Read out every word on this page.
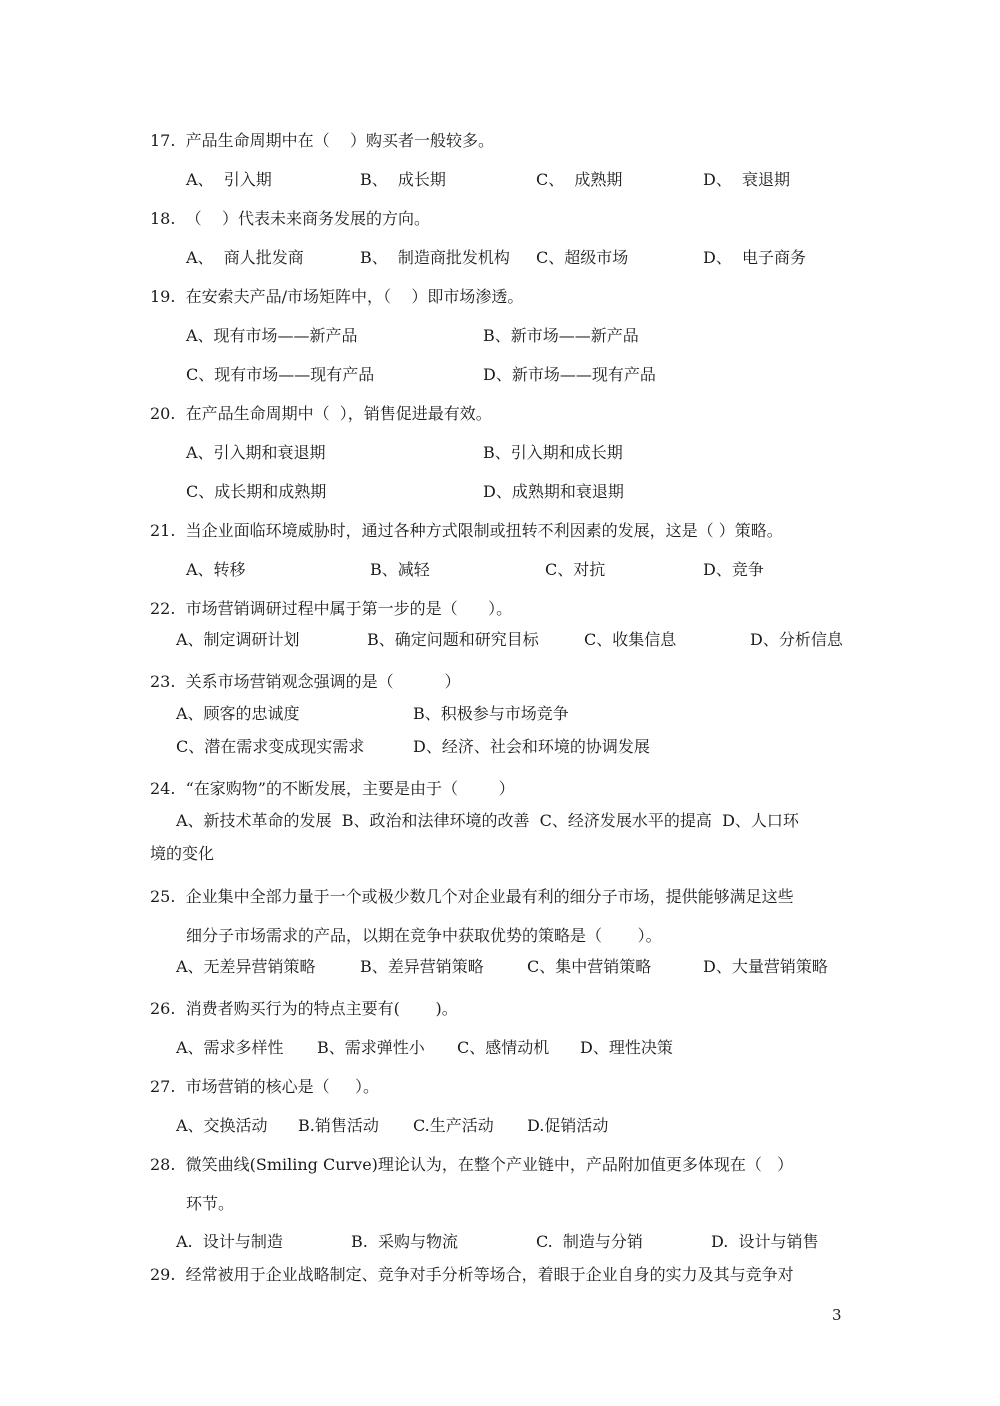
17.  产品生命周期中在（    ）购买者一般较多。
A、  引入期	B、  成长期	C、  成熟期	D、  衰退期
18.  （    ）代表未来商务发展的方向。
A、  商人批发商	B、  制造商批发机构 C、超级市场	D、  电子商务
19.  在安索夫产品/市场矩阵中，（    ）即市场渗透。
A、现有市场——新产品	B、新市场——新产品
C、现有市场——现有产品	D、新市场——现有产品
20.  在产品生命周期中（  ），销售促进最有效。
A、引入期和衰退期	B、引入期和成长期
C、成长期和成熟期	D、成熟期和衰退期
21.  当企业面临环境威胁时，通过各种方式限制或扭转不利因素的发展，这是（ ）策略。
A、转移	B、减轻	C、对抗	D、竞争
22.  市场营销调研过程中属于第一步的是（      ）。
A、制定调研计划	B、确定问题和研究目标	C、收集信息	D、分析信息
23.  关系市场营销观念强调的是（          ）
A、顾客的忠诚度	B、积极参与市场竞争
C、潜在需求变成现实需求	D、经济、社会和环境的协调发展
24.  “在家购物”的不断发展，主要是由于（        ）
A、新技术革命的发展  B、政治和法律环境的改善  C、经济发展水平的提高  D、人口环
境的变化
25.  企业集中全部力量于一个或极少数几个对企业最有利的细分子市场，提供能够满足这些
细分子市场需求的产品，以期在竞争中获取优势的策略是（       ）。
A、无差异营销策略	B、差异营销策略	C、集中营销策略	D、大量营销策略
26.  消费者购买行为的特点主要有(       )。
A、需求多样性 B、需求弹性小 C、感情动机 D、理性决策
27.  市场营销的核心是（     ）。
A、交换活动 B.销售活动 C.生产活动 D.促销活动
28.  微笑曲线(Smiling Curve)理论认为，在整个产业链中，产品附加值更多体现在（   ）
环节。
A.  设计与制造	B.  采购与物流	C.  制造与分销	D.  设计与销售
29.  经常被用于企业战略制定、竞争对手分析等场合，着眼于企业自身的实力及其与竞争对
3
